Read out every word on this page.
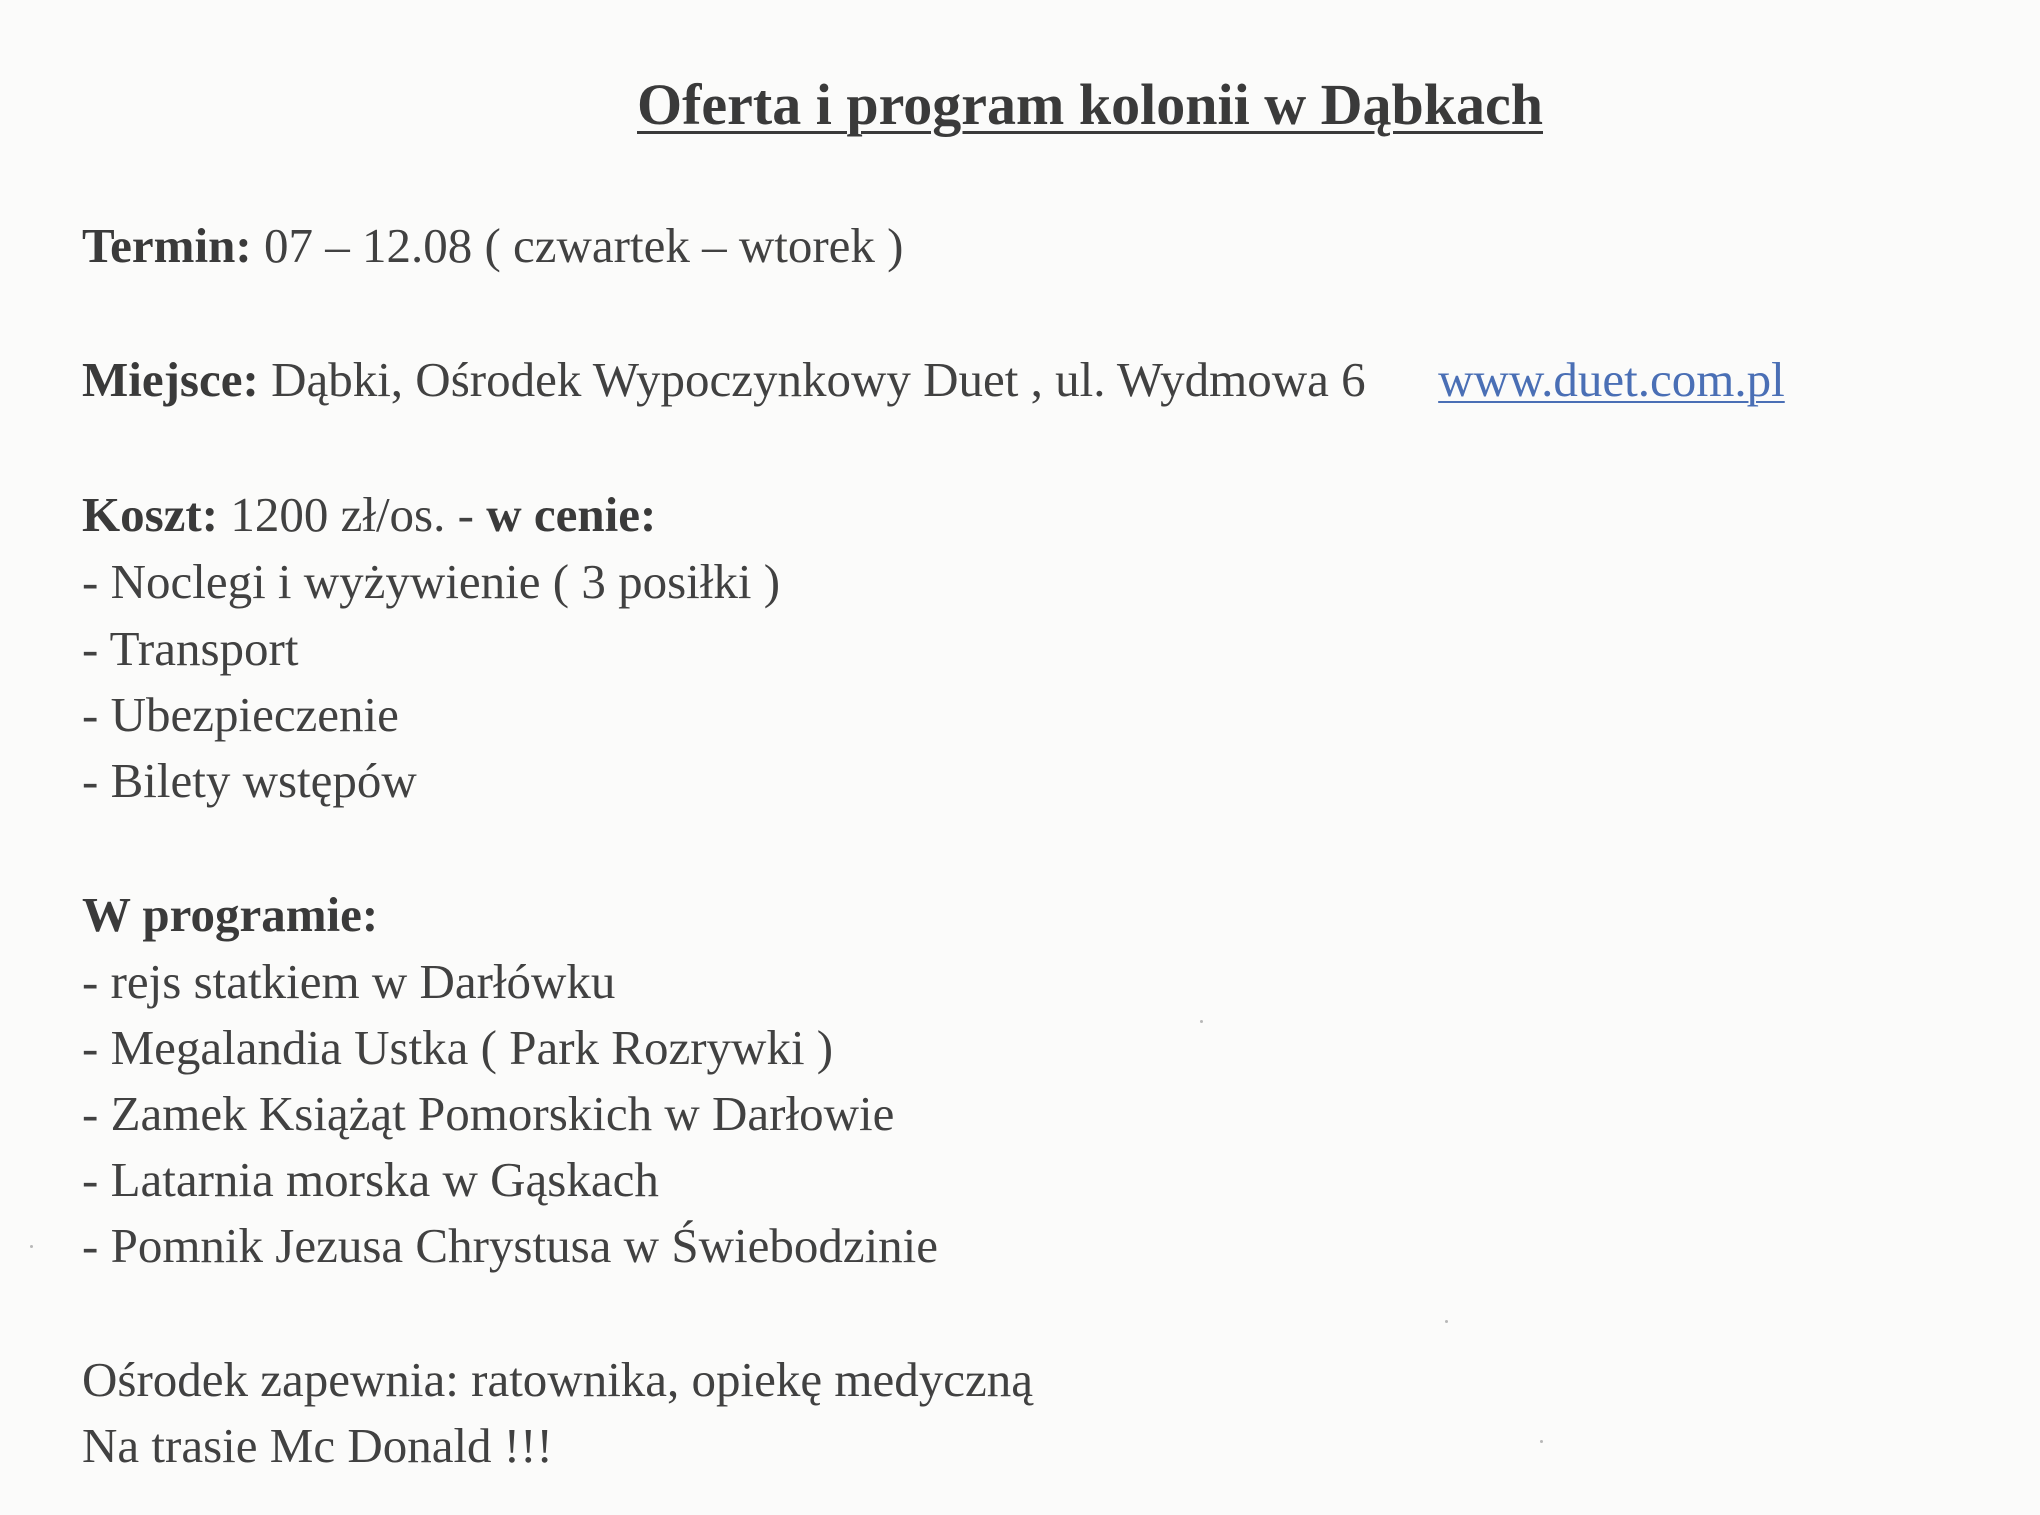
Oferta i program kolonii w Dąbkach
Termin: 07 – 12.08 ( czwartek – wtorek )
Miejsce: Dąbki, Ośrodek Wypoczynkowy Duet , ul. Wydmowa 6 www.duet.com.pl
Koszt: 1200 zł/os. - w cenie:
- Noclegi i wyżywienie ( 3 posiłki )
- Transport
- Ubezpieczenie
- Bilety wstępów
W programie:
- rejs statkiem w Darłówku
- Megalandia Ustka ( Park Rozrywki )
- Zamek Książąt Pomorskich w Darłowie
- Latarnia morska w Gąskach
- Pomnik Jezusa Chrystusa w Świebodzinie
Ośrodek zapewnia: ratownika, opiekę medyczną
Na trasie Mc Donald !!!
